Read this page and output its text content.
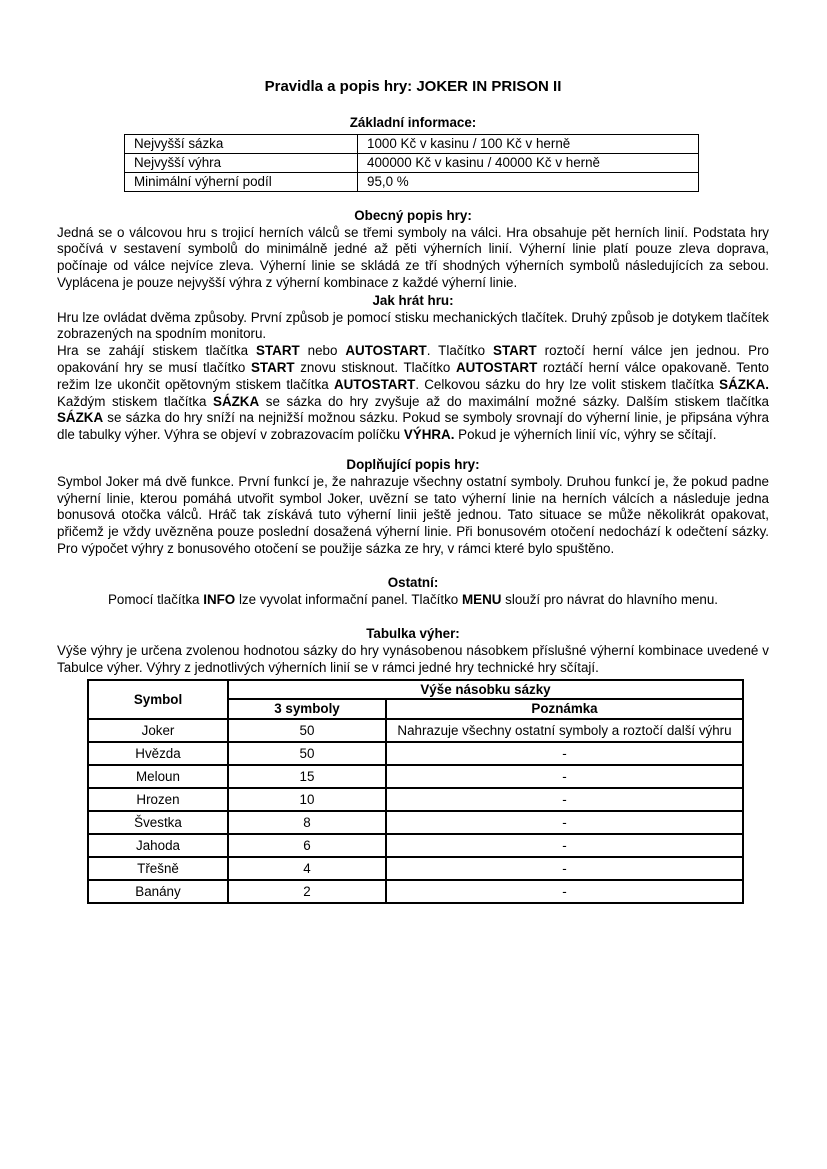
Pravidla a popis hry: JOKER IN PRISON II
Základní informace:
Nejvyšší sázka	1000 Kč v kasinu / 100 Kč v herně
Nejvyšší výhra	400000 Kč v kasinu / 40000 Kč v herně
Minimální výherní podíl	95,0 %
Obecný popis hry:

Jedná se o válcovou hru s trojicí herních válců se třemi symboly na válci. Hra obsahuje pět herních linií. Podstata hry spočívá v sestavení symbolů do minimálně jedné až pěti výherních linií. Výherní linie platí pouze zleva doprava, počínaje od válce nejvíce zleva. Výherní linie se skládá ze tří shodných výherních symbolů následujících za sebou. Vyplácena je pouze nejvyšší výhra z výherní kombinace z každé výherní linie.

Jak hrát hru:

Hru lze ovládat dvěma způsoby. První způsob je pomocí stisku mechanických tlačítek. Druhý způsob je dotykem tlačítek zobrazených na spodním monitoru.

Hra se zahájí stiskem tlačítka START nebo AUTOSTART. Tlačítko START roztočí herní válce jen jednou. Pro opakování hry se musí tlačítko START znovu stisknout. Tlačítko AUTOSTART roztáčí herní válce opakovaně. Tento režim lze ukončit opětovným stiskem tlačítka AUTOSTART. Celkovou sázku do hry lze volit stiskem tlačítka SÁZKA. Každým stiskem tlačítka SÁZKA se sázka do hry zvyšuje až do maximální možné sázky. Dalším stiskem tlačítka SÁZKA se sázka do hry sníží na nejnižší možnou sázku. Pokud se symboly srovnají do výherní linie, je připsána výhra dle tabulky výher. Výhra se objeví v zobrazovacím políčku VÝHRA. Pokud je výherních linií víc, výhry se sčítají.

Doplňující popis hry:

Symbol Joker má dvě funkce. První funkcí je, že nahrazuje všechny ostatní symboly. Druhou funkcí je, že pokud padne výherní linie, kterou pomáhá utvořit symbol Joker, uvězní se tato výherní linie na herních válcích a následuje jedna bonusová otočka válců. Hráč tak získává tuto výherní linii ještě jednou. Tato situace se může několikrát opakovat, přičemž je vždy uvězněna pouze poslední dosažená výherní linie. Při bonusovém otočení nedochází k odečtení sázky. Pro výpočet výhry z bonusového otočení se použije sázka ze hry, v rámci které bylo spuštěno.

Ostatní:

Pomocí tlačítka INFO lze vyvolat informační panel. Tlačítko MENU slouží pro návrat do hlavního menu.

Tabulka výher:

Výše výhry je určena zvolenou hodnotou sázky do hry vynásobenou násobkem příslušné výherní kombinace uvedené v Tabulce výher. Výhry z jednotlivých výherních linií se v rámci jedné hry technické hry sčítají.

Symbol	Výše násobku sázky	
	3 symboly	Poznámka
Joker	50	Nahrazuje všechny ostatní symboly a roztočí další výhru
Hvězda	50	-
Meloun	15	-
Hrozen	10	-
Švestka	8	-
Jahoda	6	-
Třešně	4	-
Banány	2	-
